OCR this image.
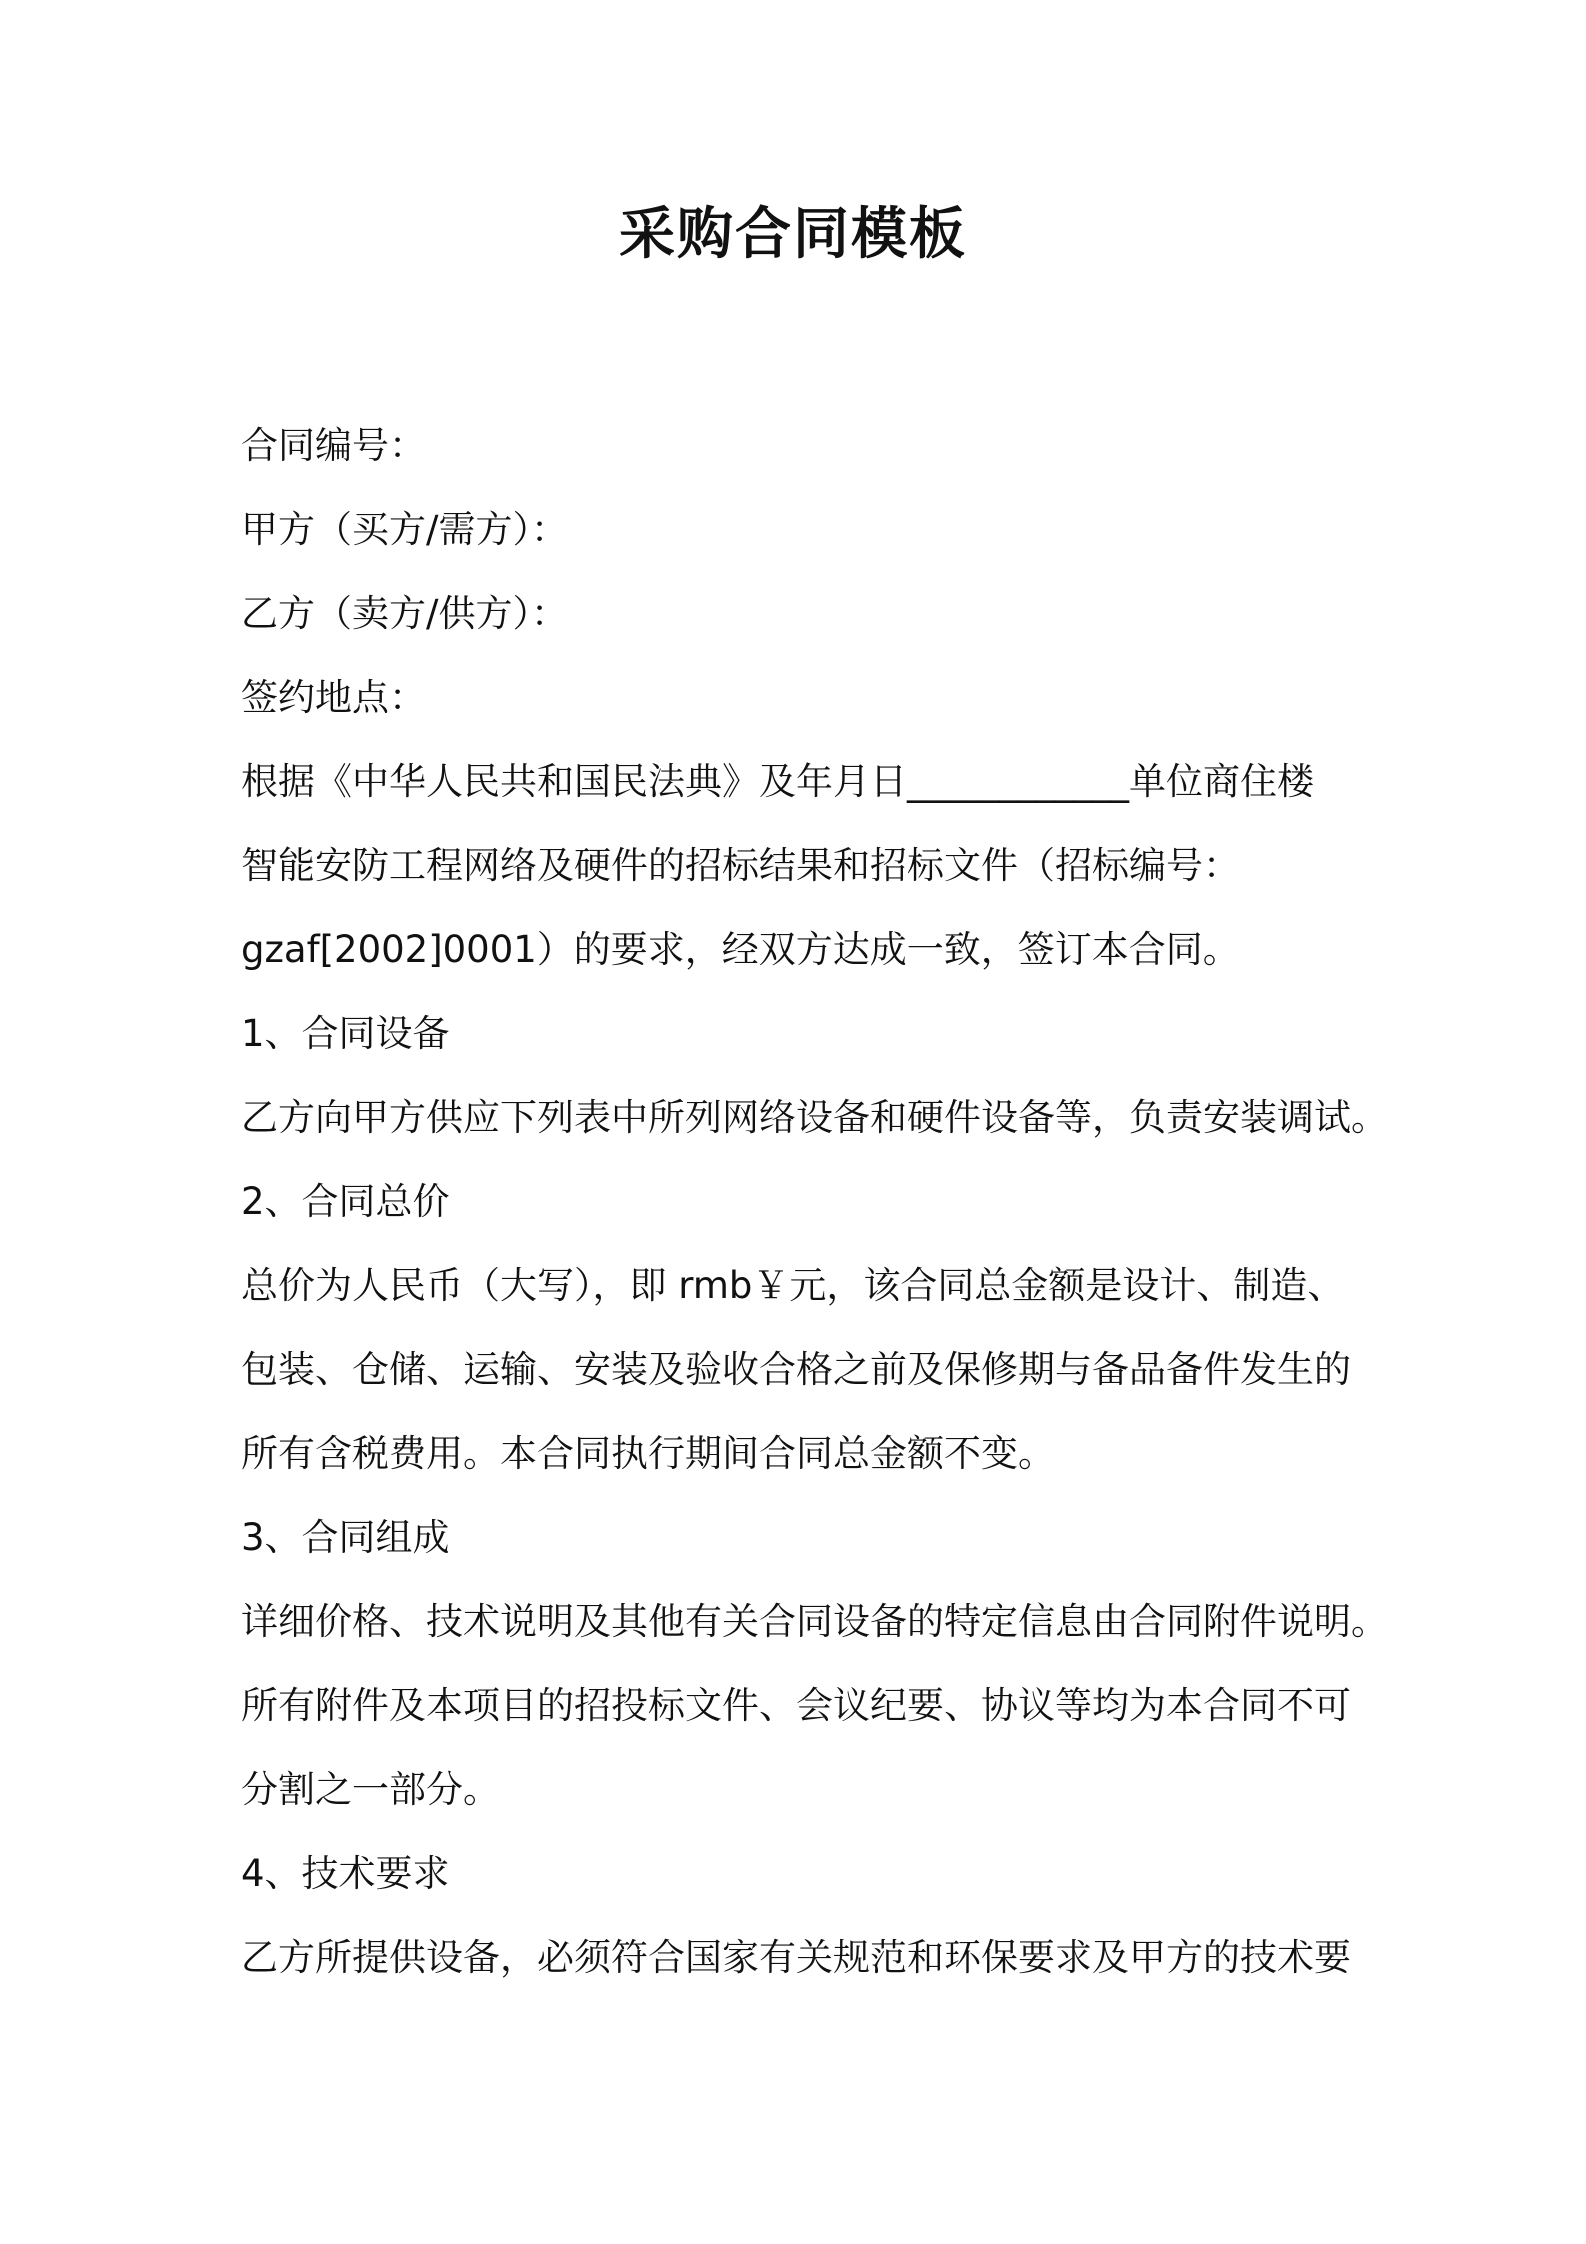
采购合同模板

合同编号：

甲方（买方/需方）：

乙方（卖方/供方）：

签约地点：

根据《中华人民共和国民法典》及年月日____________单位商住楼

智能安防工程网络及硬件的招标结果和招标文件（招标编号：

gzaf[2002]0001）的要求，经双方达成一致，签订本合同。

1、合同设备

乙方向甲方供应下列表中所列网络设备和硬件设备等，负责安装调试。

2、合同总价

总价为人民币（大写），即 rmb￥元，该合同总金额是设计、制造、

包装、仓储、运输、安装及验收合格之前及保修期与备品备件发生的

所有含税费用。本合同执行期间合同总金额不变。

3、合同组成

详细价格、技术说明及其他有关合同设备的特定信息由合同附件说明。

所有附件及本项目的招投标文件、会议纪要、协议等均为本合同不可

分割之一部分。

4、技术要求

乙方所提供设备，必须符合国家有关规范和环保要求及甲方的技术要
